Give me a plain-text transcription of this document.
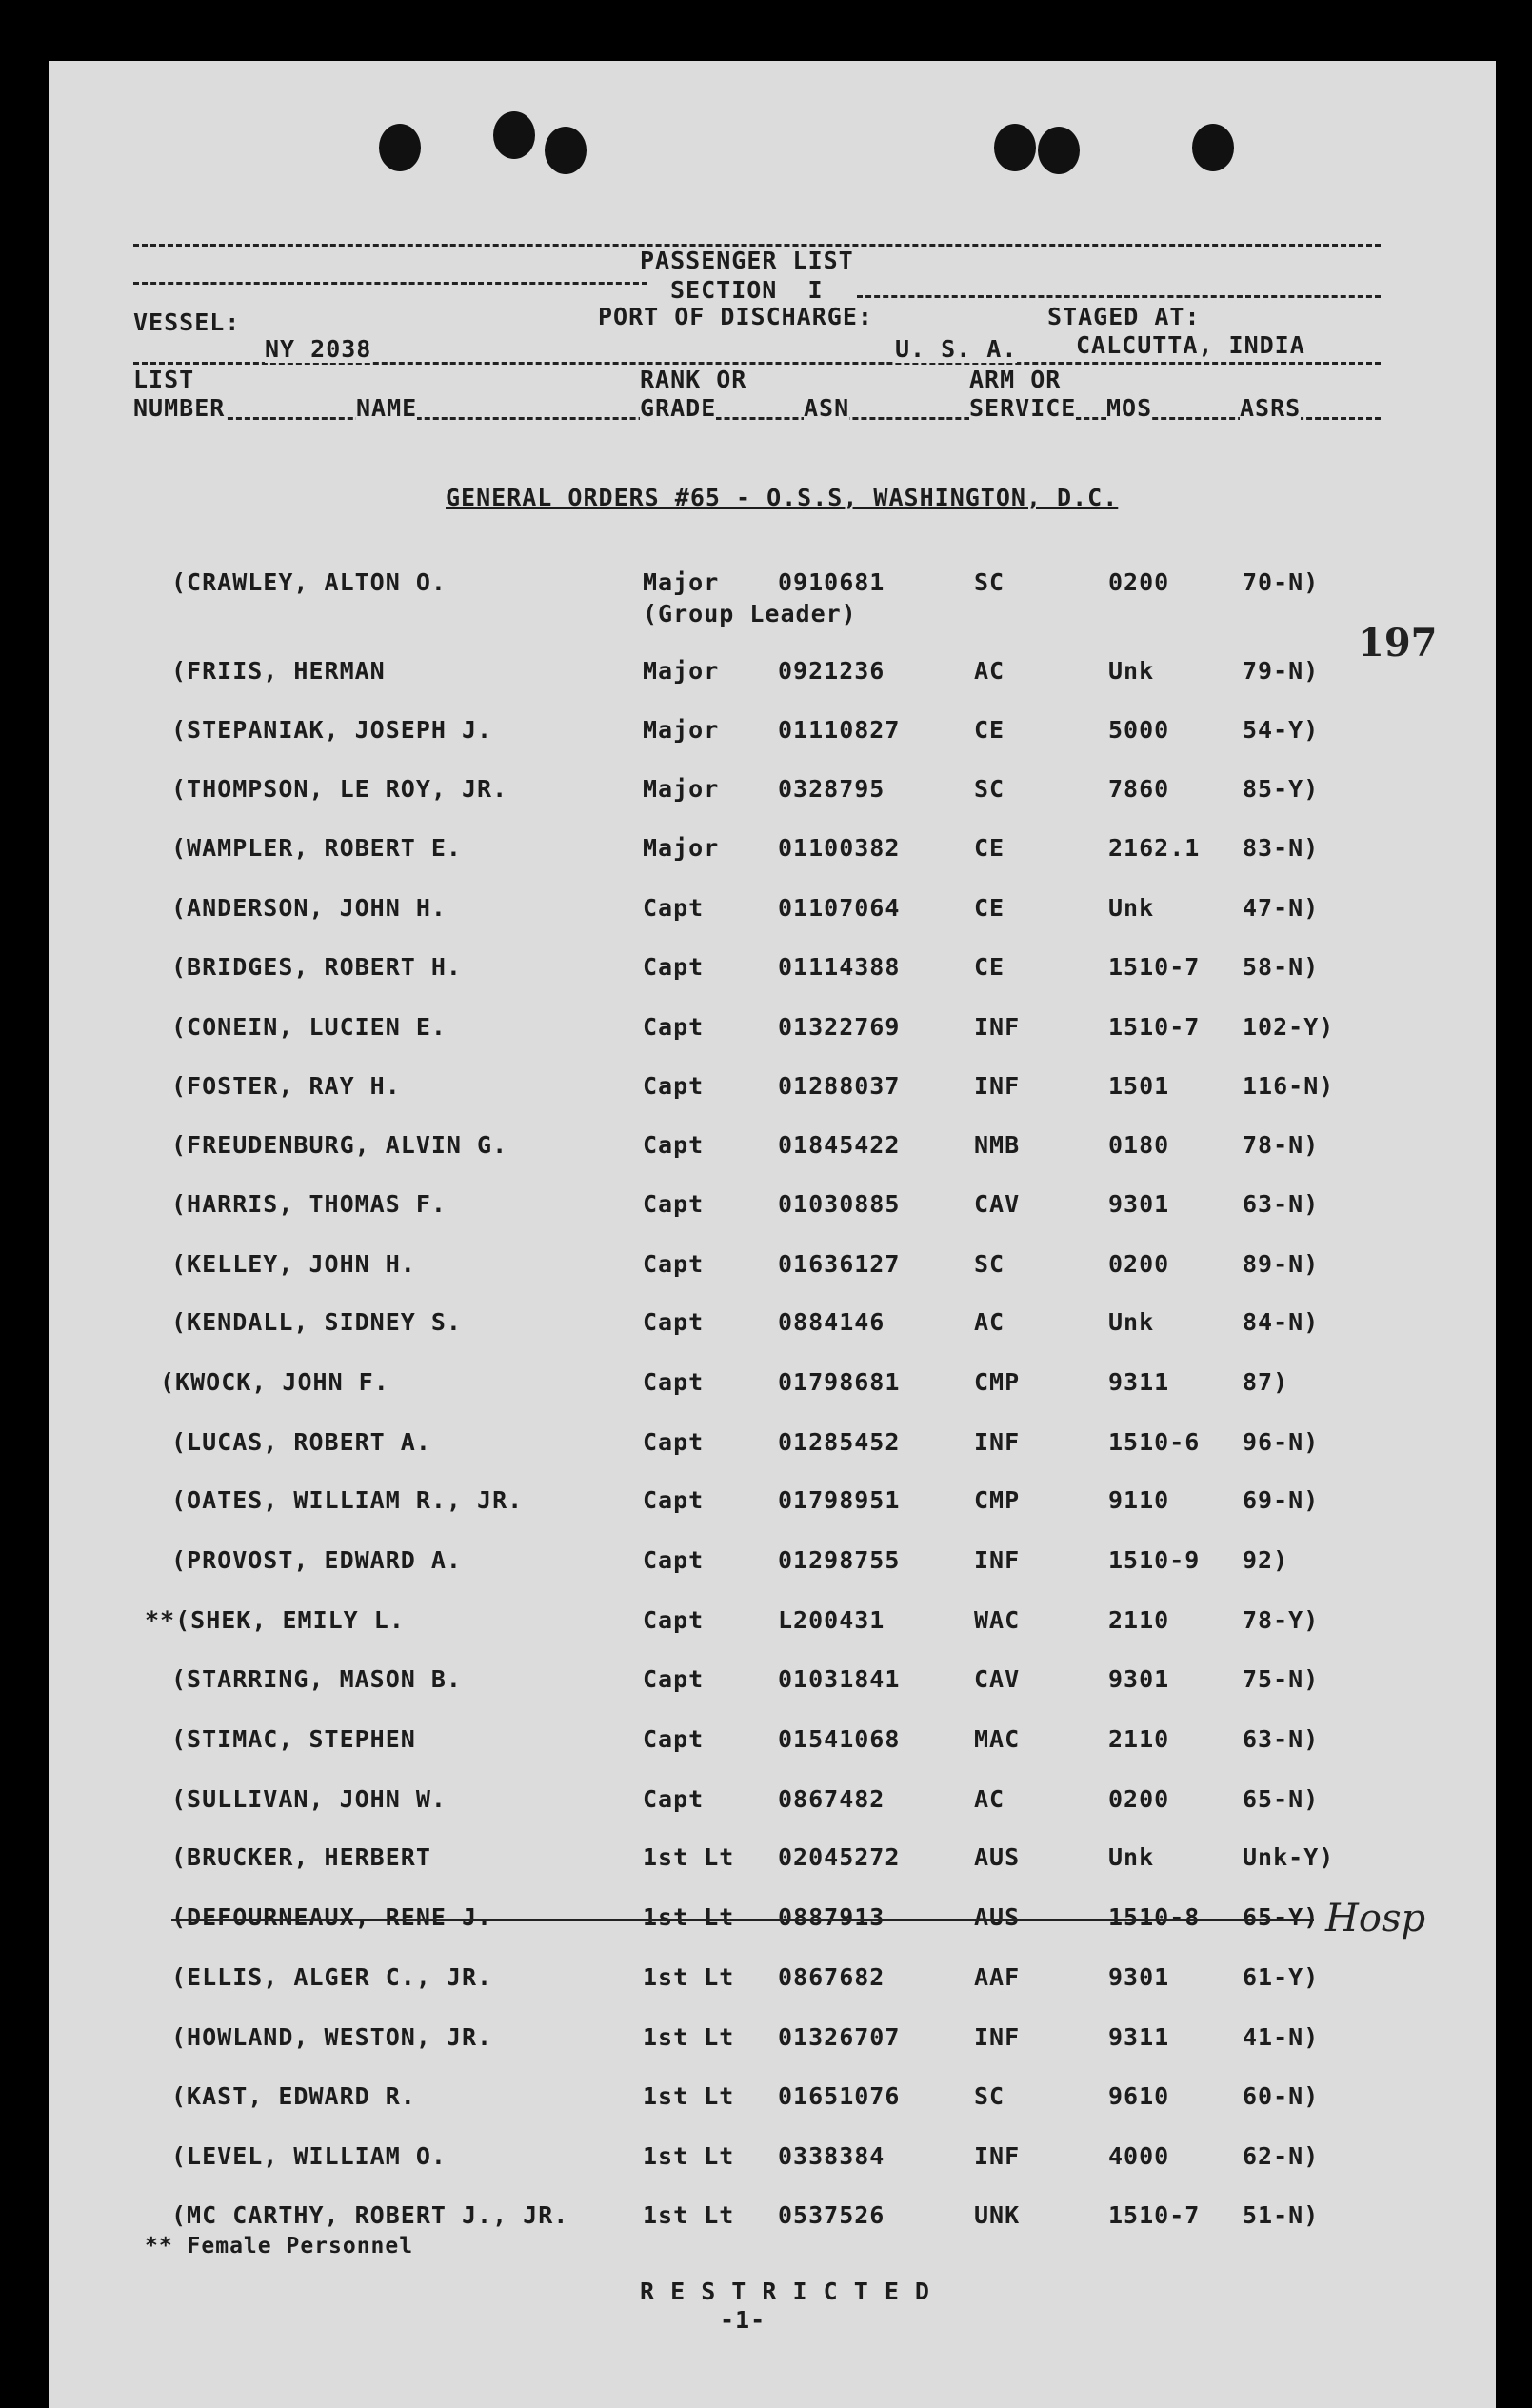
PASSENGER LIST
SECTION  I
VESSEL:	PORT OF DISCHARGE:	STAGED AT:
NY 2038	U. S. A. CALCUTTA, INDIA
LIST	RANK OR	ARM OR
NUMBER	NAME	GRADE	ASN	SERVICE MOS	ASRS
GENERAL ORDERS #65 - O.S.S, WASHINGTON, D.C.
197
(CRAWLEY, ALTON O.	Major 0910681	SC	0200	70-N)
(FRIIS, HERMAN	Major 0921236	AC	Unk	79-N)
(STEPANIAK, JOSEPH J.	Major 01110827	CE	5000	54-Y)
(THOMPSON, LE ROY, JR.	Major 0328795	SC	7860	85-Y)
(WAMPLER, ROBERT E.	Major 01100382	CE	2162.1 83-N)
(ANDERSON, JOHN H.	Capt	01107064	CE	Unk	47-N)
(BRIDGES, ROBERT H.	Capt	01114388	CE	1510-7 58-N)
(CONEIN, LUCIEN E.	Capt	01322769	INF	1510-7 102-Y)
(FOSTER, RAY H.	Capt	01288037	INF	1501	116-N)
(FREUDENBURG, ALVIN G.	Capt	01845422	NMB	0180	78-N)
(HARRIS, THOMAS F.	Capt	01030885	CAV	9301	63-N)
(KELLEY, JOHN H.	Capt	01636127	SC	0200	89-N)
(KENDALL, SIDNEY S.	Capt	0884146	AC	Unk	84-N)
(KWOCK, JOHN F.	Capt	01798681	CMP	9311	87)
(LUCAS, ROBERT A.	Capt	01285452	INF	1510-6 96-N)
(OATES, WILLIAM R., JR.	Capt	01798951	CMP	9110	69-N)
(PROVOST, EDWARD A.	Capt	01298755	INF	1510-9 92)
**(SHEK, EMILY L.	Capt	L200431	WAC	2110	78-Y)
(STARRING, MASON B.	Capt	01031841	CAV	9301	75-N)
(STIMAC, STEPHEN	Capt	01541068	MAC	2110	63-N)
(SULLIVAN, JOHN W.	Capt	0867482	AC	0200	65-N)
(BRUCKER, HERBERT	1st Lt 02045272	AUS	Unk	Unk-Y)
(DEFOURNEAUX, RENE J.	1st Lt 0887913	AUS	1510-8 65-Y)
(ELLIS, ALGER C., JR.	1st Lt 0867682	AAF	9301	61-Y)
(HOWLAND, WESTON, JR.	1st Lt 01326707	INF	9311	41-N)
(KAST, EDWARD R.	1st Lt 01651076	SC	9610	60-N)
(LEVEL, WILLIAM O.	1st Lt 0338384	INF	4000	62-N)
(MC CARTHY, ROBERT J., JR.	1st Lt 0537526	UNK	1510-7 51-N)
(Group Leader)
Hosp
** Female Personnel
R E S T R I C T E D
-1-
